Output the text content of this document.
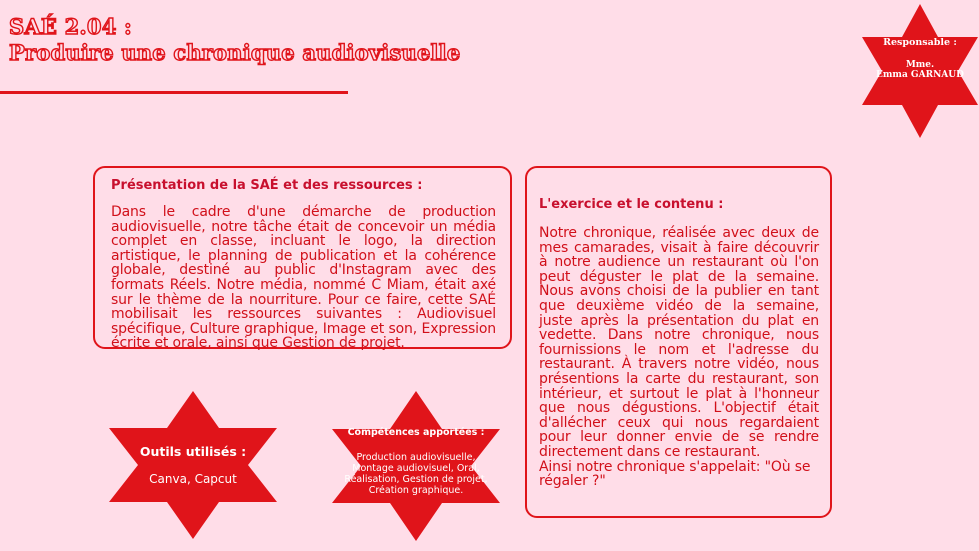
SAÉ 2.04 :
Produire une chronique audiovisuelle	Responsable :
Mme.
Emma GARNAUD
Présentation de la SAÉ et des ressources :

Dans le cadre d'une démarche de production audiovisuelle, notre tâche était de concevoir un média complet en classe, incluant le logo, la direction artistique, le planning de publication et la cohérence globale, destiné au public d'Instagram avec des formats Réels. Notre média, nommé C Miam, était axé sur le thème de la nourriture. Pour ce faire, cette SAÉ mobilisait les ressources suivantes : Audiovisuel spécifique, Culture graphique, Image et son, Expression écrite et orale, ainsi que Gestion de projet.

L'exercice et le contenu :

Notre chronique, réalisée avec deux de mes camarades, visait à faire découvrir à notre audience un restaurant où l'on peut déguster le plat de la semaine. Nous avons choisi de la publier en tant que deuxième vidéo de la semaine, juste après la présentation du plat en vedette. Dans notre chronique, nous fournissions le nom et l'adresse du restaurant. À travers notre vidéo, nous présentions la carte du restaurant, son intérieur, et surtout le plat à l'honneur que nous dégustions. L'objectif était d'allécher ceux qui nous regardaient pour leur donner envie de se rendre directement dans ce restaurant.

Ainsi notre chronique s'appelait: "Où se régaler ?"

Outils utilisés :
Canva, Capcut
Compétences apportées :
Production audiovisuelle, Montage audiovisuel, Oral, Réalisation, Gestion de projet, Création graphique.
